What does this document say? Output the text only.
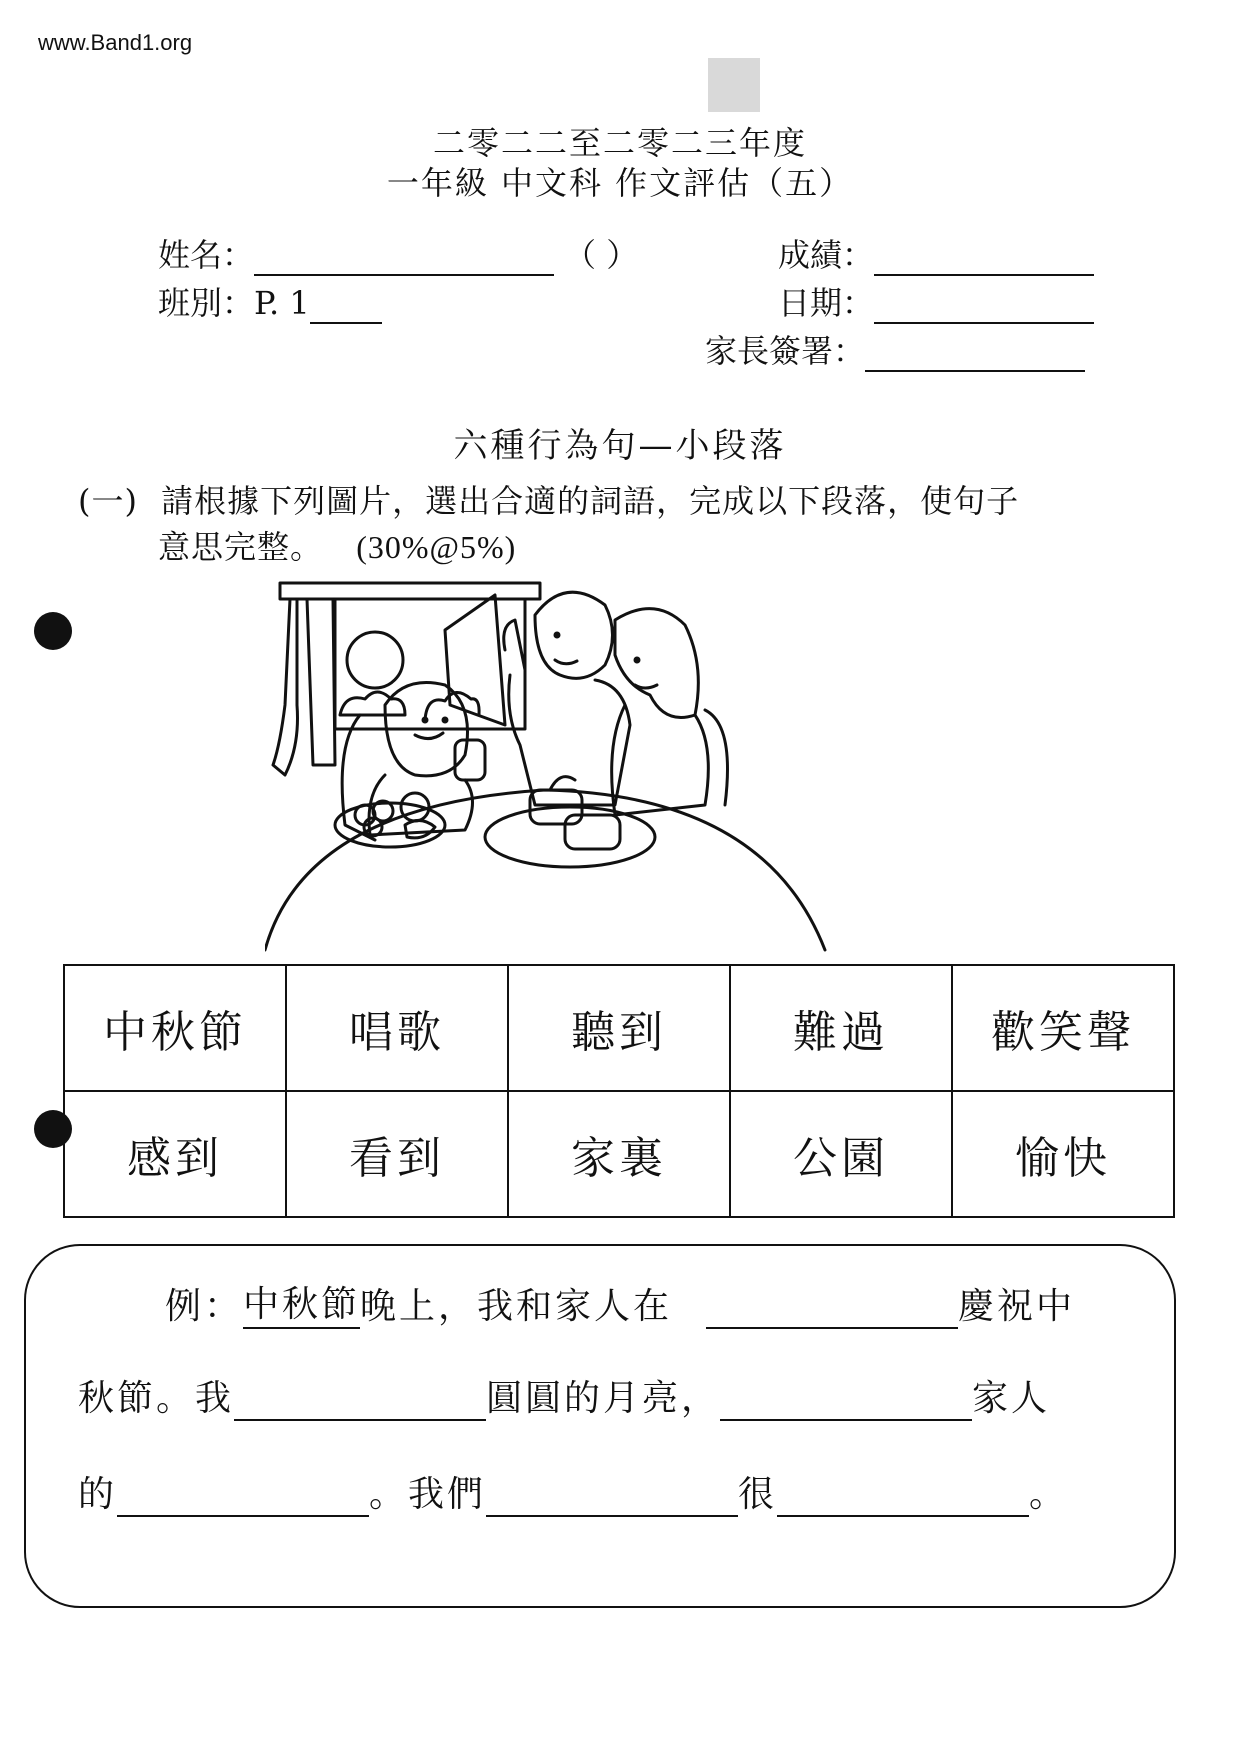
www.Band1.org
二零二二至二零二三年度
一年級 中文科 作文評估（五）
姓名：	（ ）
班別：P. 1
成績：
日期：
家長簽署：
六種行為句—小段落
(一) 請根據下列圖片，選出合適的詞語，完成以下段落，使句子
意思完整。 (30%@5%)
中秋節	唱歌	聽到	難過	歡笑聲
感到	看到	家裏	公園	愉快
例： 中秋節 晚上，我和家人在	慶祝中
秋節。我	圓圓的月亮，	家人
的	。我們	很	。
